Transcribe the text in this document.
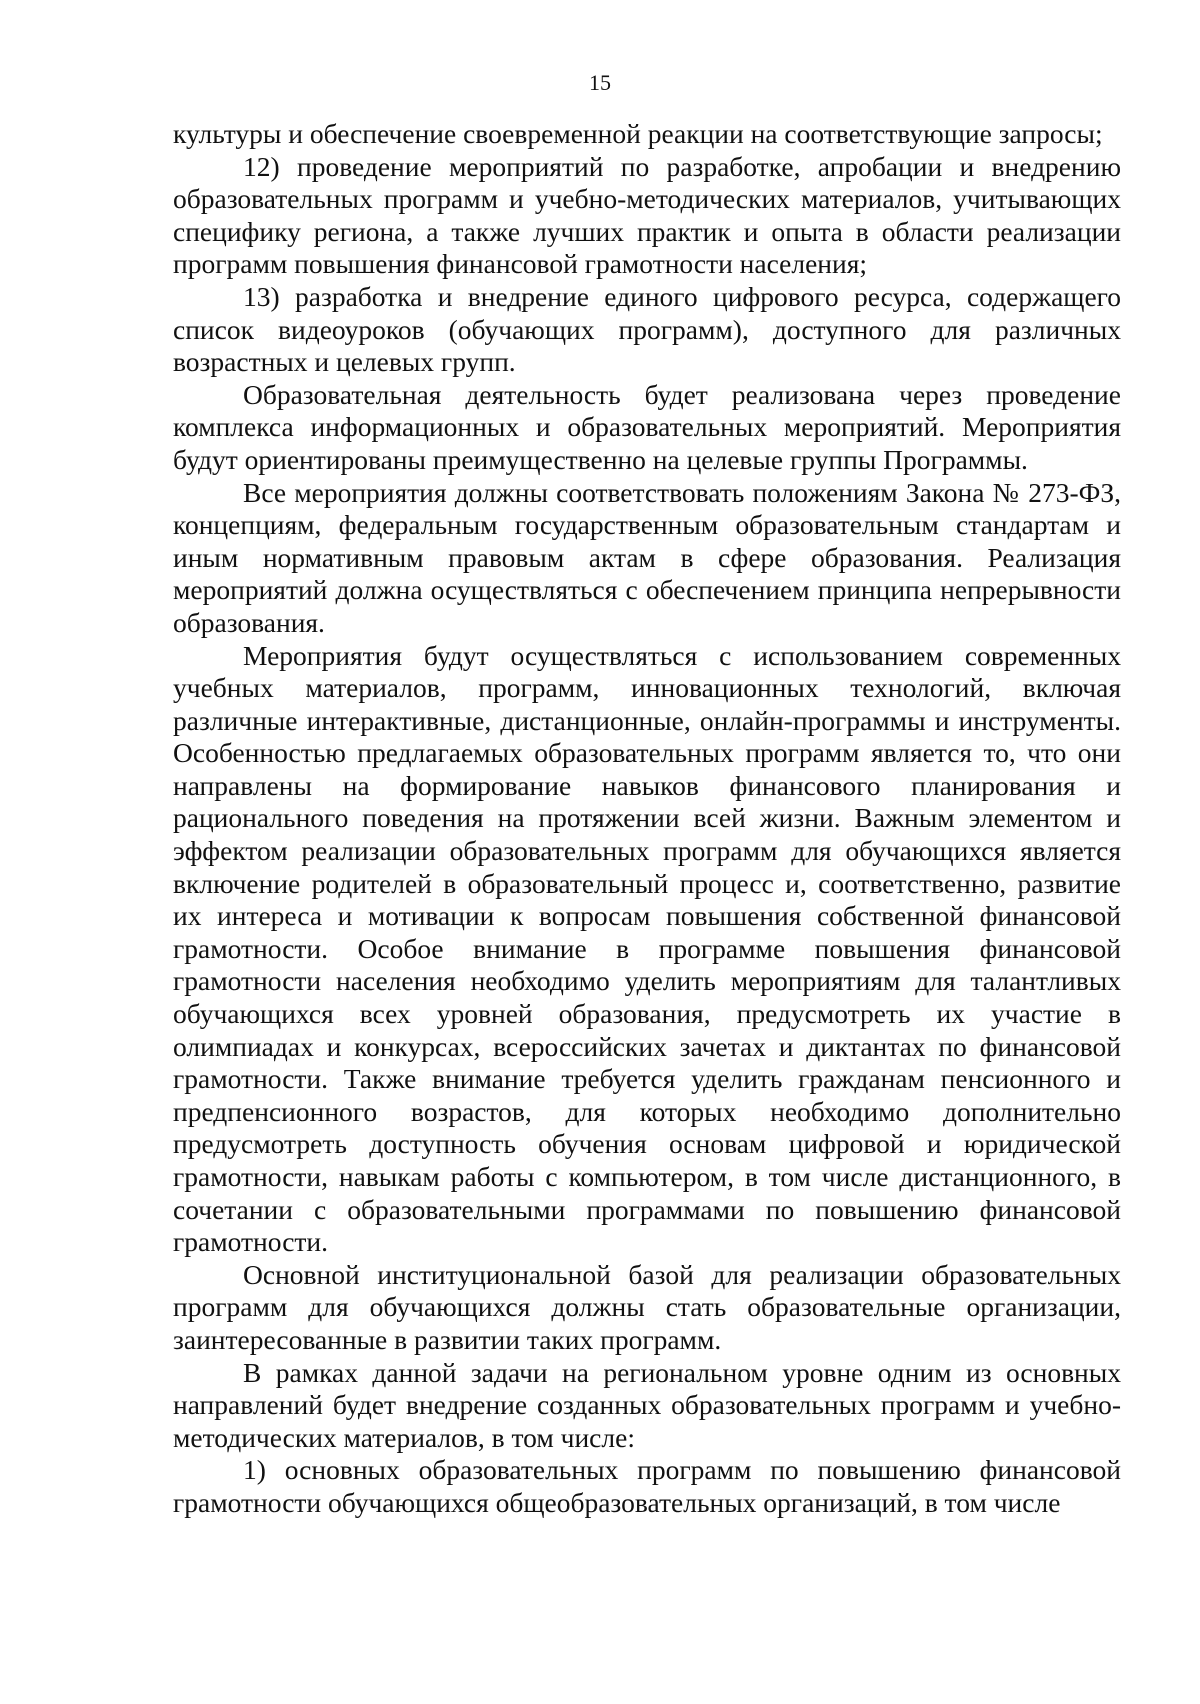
15

культуры и обеспечение своевременной реакции на соответствующие запросы;

12) проведение мероприятий по разработке, апробации и внедрению образовательных программ и учебно-методических материалов, учитывающих специфику региона, а также лучших практик и опыта в области реализации программ повышения финансовой грамотности населения;

13) разработка и внедрение единого цифрового ресурса, содержащего список видеоуроков (обучающих программ), доступного для различных возрастных и целевых групп.

Образовательная деятельность будет реализована через проведение комплекса информационных и образовательных мероприятий. Мероприятия будут ориентированы преимущественно на целевые группы Программы.

Все мероприятия должны соответствовать положениям Закона № 273-ФЗ, концепциям, федеральным государственным образовательным стандартам и иным нормативным правовым актам в сфере образования. Реализация мероприятий должна осуществляться с обеспечением принципа непрерывности образования.

Мероприятия будут осуществляться с использованием современных учебных материалов, программ, инновационных технологий, включая различные интерактивные, дистанционные, онлайн-программы и инструменты. Особенностью предлагаемых образовательных программ является то, что они направлены на формирование навыков финансового планирования и рационального поведения на протяжении всей жизни. Важным элементом и эффектом реализации образовательных программ для обучающихся является включение родителей в образовательный процесс и, соответственно, развитие их интереса и мотивации к вопросам повышения собственной финансовой грамотности. Особое внимание в программе повышения финансовой грамотности населения необходимо уделить мероприятиям для талантливых обучающихся всех уровней образования, предусмотреть их участие в олимпиадах и конкурсах, всероссийских зачетах и диктантах по финансовой грамотности. Также внимание требуется уделить гражданам пенсионного и предпенсионного возрастов, для которых необходимо дополнительно предусмотреть доступность обучения основам цифровой и юридической грамотности, навыкам работы с компьютером, в том числе дистанционного, в сочетании с образовательными программами по повышению финансовой грамотности.

Основной институциональной базой для реализации образовательных программ для обучающихся должны стать образовательные организации, заинтересованные в развитии таких программ.

В рамках данной задачи на региональном уровне одним из основных направлений будет внедрение созданных образовательных программ и учебно-методических материалов, в том числе:

1) основных образовательных программ по повышению финансовой грамотности обучающихся общеобразовательных организаций, в том числе
